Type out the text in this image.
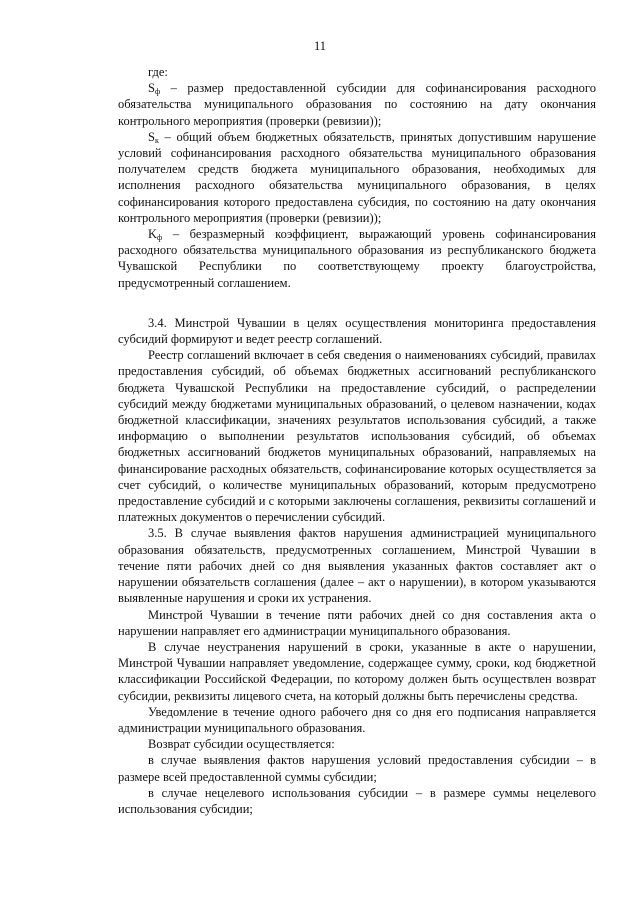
11

где:

$S_ф$ – размер предоставленной субсидии для софинансирования расходного обязательства муниципального образования по состоянию на дату окончания контрольного мероприятия (проверки (ревизии));

$S_к$ – общий объем бюджетных обязательств, принятых допустившим нарушение условий софинансирования расходного обязательства муниципального образования получателем средств бюджета муниципального образования, необходимых для исполнения расходного обязательства муниципального образования, в целях софинансирования которого предоставлена субсидия, по состоянию на дату окончания контрольного мероприятия (проверки (ревизии));

$K_ф$ – безразмерный коэффициент, выражающий уровень софинансирования расходного обязательства муниципального образования из республиканского бюджета Чувашской Республики по соответствующему проекту благоустройства, предусмотренный соглашением.

3.4. Минстрой Чувашии в целях осуществления мониторинга предоставления субсидий формируют и ведет реестр соглашений.

Реестр соглашений включает в себя сведения о наименованиях субсидий, правилах предоставления субсидий, об объемах бюджетных ассигнований республиканского бюджета Чувашской Республики на предоставление субсидий, о распределении субсидий между бюджетами муниципальных образований, о целевом назначении, кодах бюджетной классификации, значениях результатов использования субсидий, а также информацию о выполнении результатов использования субсидий, об объемах бюджетных ассигнований бюджетов муниципальных образований, направляемых на финансирование расходных обязательств, софинансирование которых осуществляется за счет субсидий, о количестве муниципальных образований, которым предусмотрено предоставление субсидий и с которыми заключены соглашения, реквизиты соглашений и платежных документов о перечислении субсидий.

3.5. В случае выявления фактов нарушения администрацией муниципального образования обязательств, предусмотренных соглашением, Минстрой Чувашии в течение пяти рабочих дней со дня выявления указанных фактов составляет акт о нарушении обязательств соглашения (далее – акт о нарушении), в котором указываются выявленные нарушения и сроки их устранения.

Минстрой Чувашии в течение пяти рабочих дней со дня составления акта о нарушении направляет его администрации муниципального образования.

В случае неустранения нарушений в сроки, указанные в акте о нарушении, Минстрой Чувашии направляет уведомление, содержащее сумму, сроки, код бюджетной классификации Российской Федерации, по которому должен быть осуществлен возврат субсидии, реквизиты лицевого счета, на который должны быть перечислены средства.

Уведомление в течение одного рабочего дня со дня его подписания направляется администрации муниципального образования.

Возврат субсидии осуществляется:

в случае выявления фактов нарушения условий предоставления субсидии – в размере всей предоставленной суммы субсидии;

в случае нецелевого использования субсидии – в размере суммы нецелевого использования субсидии;
